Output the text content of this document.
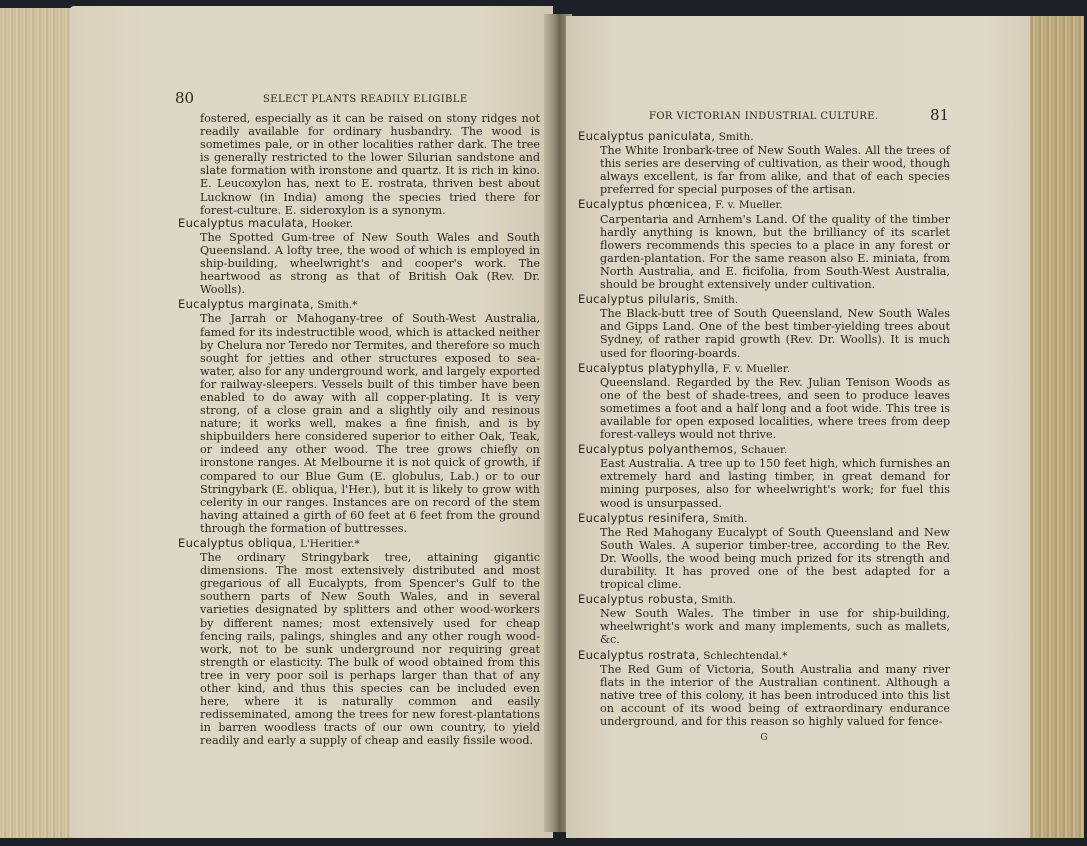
80	SELECT PLANTS READILY ELIGIBLE
fostered, especially as it can be raised on stony ridges not readily available for ordinary husbandry. The wood is sometimes pale, or in other localities rather dark. The tree is generally restricted to the lower Silurian sandstone and slate formation with ironstone and quartz. It is rich in kino. E. Leucoxylon has, next to E. rostrata, thriven best about Lucknow (in India) among the species tried there for forest-culture. E. sideroxylon is a synonym.
Eucalyptus maculata, Hooker.
The Spotted Gum-tree of New South Wales and South Queensland. A lofty tree, the wood of which is employed in ship-building, wheelwright's and cooper's work. The heartwood as strong as that of British Oak (Rev. Dr. Woolls).
Eucalyptus marginata, Smith.*
The Jarrah or Mahogany-tree of South-West Australia, famed for its indestructible wood, which is attacked neither by Chelura nor Teredo nor Termites, and therefore so much sought for jetties and other structures exposed to sea-water, also for any underground work, and largely exported for railway-sleepers. Vessels built of this timber have been enabled to do away with all copper-plating. It is very strong, of a close grain and a slightly oily and resinous nature; it works well, makes a fine finish, and is by shipbuilders here considered superior to either Oak, Teak, or indeed any other wood. The tree grows chiefly on ironstone ranges. At Melbourne it is not quick of growth, if compared to our Blue Gum (E. globulus, Lab.) or to our Stringybark (E. obliqua, l'Her.), but it is likely to grow with celerity in our ranges. Instances are on record of the stem having attained a girth of 60 feet at 6 feet from the ground through the formation of buttresses.
Eucalyptus obliqua, L'Heritier.*
The ordinary Stringybark tree, attaining gigantic dimensions. The most extensively distributed and most gregarious of all Eucalypts, from Spencer's Gulf to the southern parts of New South Wales, and in several varieties designated by splitters and other wood-workers by different names; most extensively used for cheap fencing rails, palings, shingles and any other rough wood-work, not to be sunk underground nor requiring great strength or elasticity. The bulk of wood obtained from this tree in very poor soil is perhaps larger than that of any other kind, and thus this species can be included even here, where it is naturally common and easily redisseminated, among the trees for new forest-plantations in barren woodless tracts of our own country, to yield readily and early a supply of cheap and easily fissile wood.
FOR VICTORIAN INDUSTRIAL CULTURE.	81
Eucalyptus paniculata, Smith.
The White Ironbark-tree of New South Wales. All the trees of this series are deserving of cultivation, as their wood, though always excellent, is far from alike, and that of each species preferred for special purposes of the artisan.
Eucalyptus phœnicea, F. v. Mueller.
Carpentaria and Arnhem's Land. Of the quality of the timber hardly anything is known, but the brilliancy of its scarlet flowers recommends this species to a place in any forest or garden-plantation. For the same reason also E. miniata, from North Australia, and E. ficifolia, from South-West Australia, should be brought extensively under cultivation.
Eucalyptus pilularis, Smith.
The Black-butt tree of South Queensland, New South Wales and Gipps Land. One of the best timber-yielding trees about Sydney, of rather rapid growth (Rev. Dr. Woolls). It is much used for flooring-boards.
Eucalyptus platyphylla, F. v. Mueller.
Queensland. Regarded by the Rev. Julian Tenison Woods as one of the best of shade-trees, and seen to produce leaves sometimes a foot and a half long and a foot wide. This tree is available for open exposed localities, where trees from deep forest-valleys would not thrive.
Eucalyptus polyanthemos, Schauer.
East Australia. A tree up to 150 feet high, which furnishes an extremely hard and lasting timber, in great demand for mining purposes, also for wheelwright's work; for fuel this wood is unsurpassed.
Eucalyptus resinifera, Smith.
The Red Mahogany Eucalypt of South Queensland and New South Wales. A superior timber-tree, according to the Rev. Dr. Woolls, the wood being much prized for its strength and durability. It has proved one of the best adapted for a tropical clime.
Eucalyptus robusta, Smith.
New South Wales. The timber in use for ship-building, wheelwright's work and many implements, such as mallets, &c.
Eucalyptus rostrata, Schlechtendal.*
The Red Gum of Victoria, South Australia and many river flats in the interior of the Australian continent. Although a native tree of this colony, it has been introduced into this list on account of its wood being of extraordinary endurance underground, and for this reason so highly valued for fence-
G
